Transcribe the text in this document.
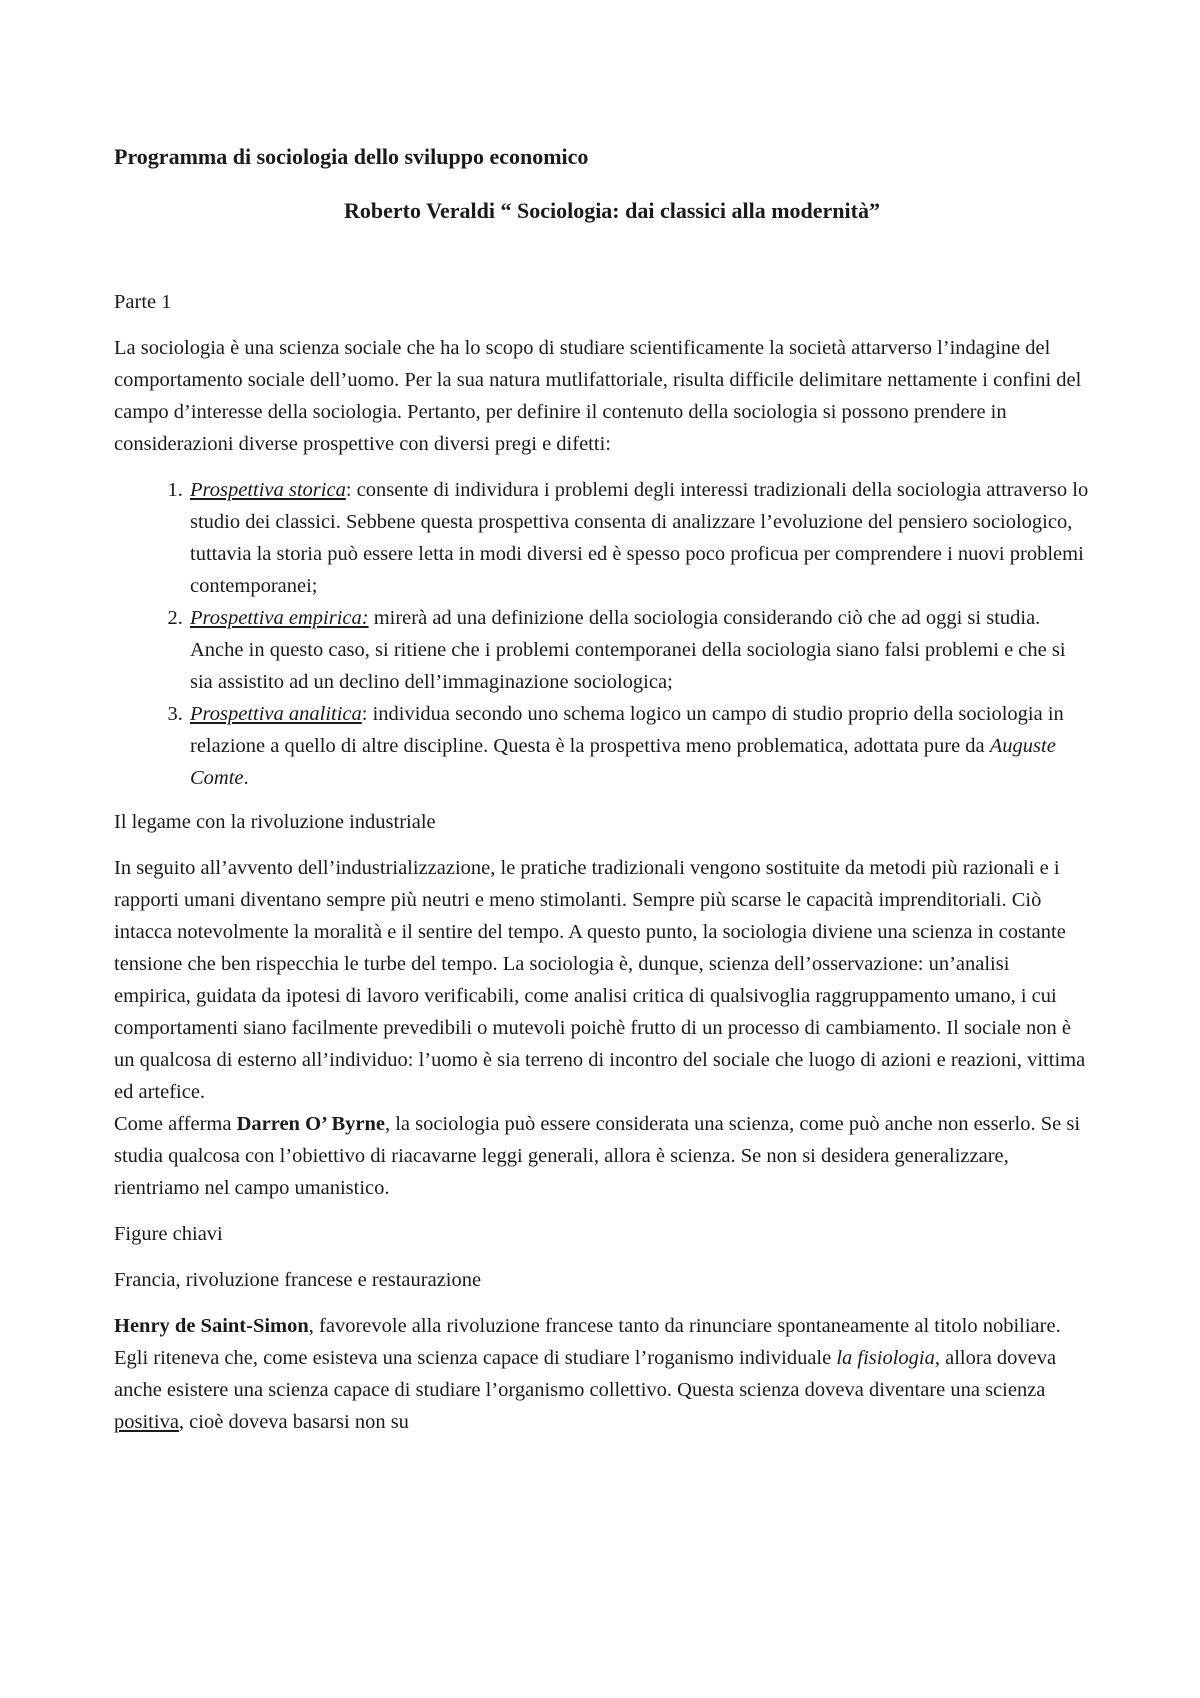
Programma di sociologia dello sviluppo economico
Roberto Veraldi “ Sociologia: dai classici alla modernità”

Parte 1

La sociologia è una scienza sociale che ha lo scopo di studiare scientificamente la società attarverso l’indagine del comportamento sociale dell’uomo. Per la sua natura mutlifattoriale, risulta difficile delimitare nettamente i confini del campo d’interesse della sociologia. Pertanto, per definire il contenuto della sociologia si possono prendere in considerazioni diverse prospettive con diversi pregi e difetti:

1. Prospettiva storica: consente di individura i problemi degli interessi tradizionali della sociologia attraverso lo studio dei classici. Sebbene questa prospettiva consenta di analizzare l’evoluzione del pensiero sociologico, tuttavia la storia può essere letta in modi diversi ed è spesso poco proficua per comprendere i nuovi problemi contemporanei;
2. Prospettiva empirica: mirerà ad una definizione della sociologia considerando ciò che ad oggi si studia. Anche in questo caso, si ritiene che i problemi contemporanei della sociologia siano falsi problemi e che si sia assistito ad un declino dell’immaginazione sociologica;
3. Prospettiva analitica: individua secondo uno schema logico un campo di studio proprio della sociologia in relazione a quello di altre discipline. Questa è la prospettiva meno problematica, adottata pure da Auguste Comte.

Il legame con la rivoluzione industriale

In seguito all’avvento dell’industrializzazione, le pratiche tradizionali vengono sostituite da metodi più razionali e i rapporti umani diventano sempre più neutri e meno stimolanti. Sempre più scarse le capacità imprenditoriali. Ciò intacca notevolmente la moralità e il sentire del tempo. A questo punto, la sociologia diviene una scienza in costante tensione che ben rispecchia le turbe del tempo. La sociologia è, dunque, scienza dell’osservazione: un’analisi empirica, guidata da ipotesi di lavoro verificabili, come analisi critica di qualsivoglia raggruppamento umano, i cui comportamenti siano facilmente prevedibili o mutevoli poichè frutto di un processo di cambiamento. Il sociale non è un qualcosa di esterno all’individuo: l’uomo è sia terreno di incontro del sociale che luogo di azioni e reazioni, vittima ed artefice.

Come afferma Darren O’ Byrne, la sociologia può essere considerata una scienza, come può anche non esserlo. Se si studia qualcosa con l’obiettivo di riacavarne leggi generali, allora è scienza. Se non si desidera generalizzare, rientriamo nel campo umanistico.

Figure chiavi

Francia, rivoluzione francese e restaurazione

Henry de Saint-Simon, favorevole alla rivoluzione francese tanto da rinunciare spontaneamente al titolo nobiliare. Egli riteneva che, come esisteva una scienza capace di studiare l’roganismo individuale la fisiologia, allora doveva anche esistere una scienza capace di studiare l’organismo collettivo. Questa scienza doveva diventare una scienza positiva, cioè doveva basarsi non su
